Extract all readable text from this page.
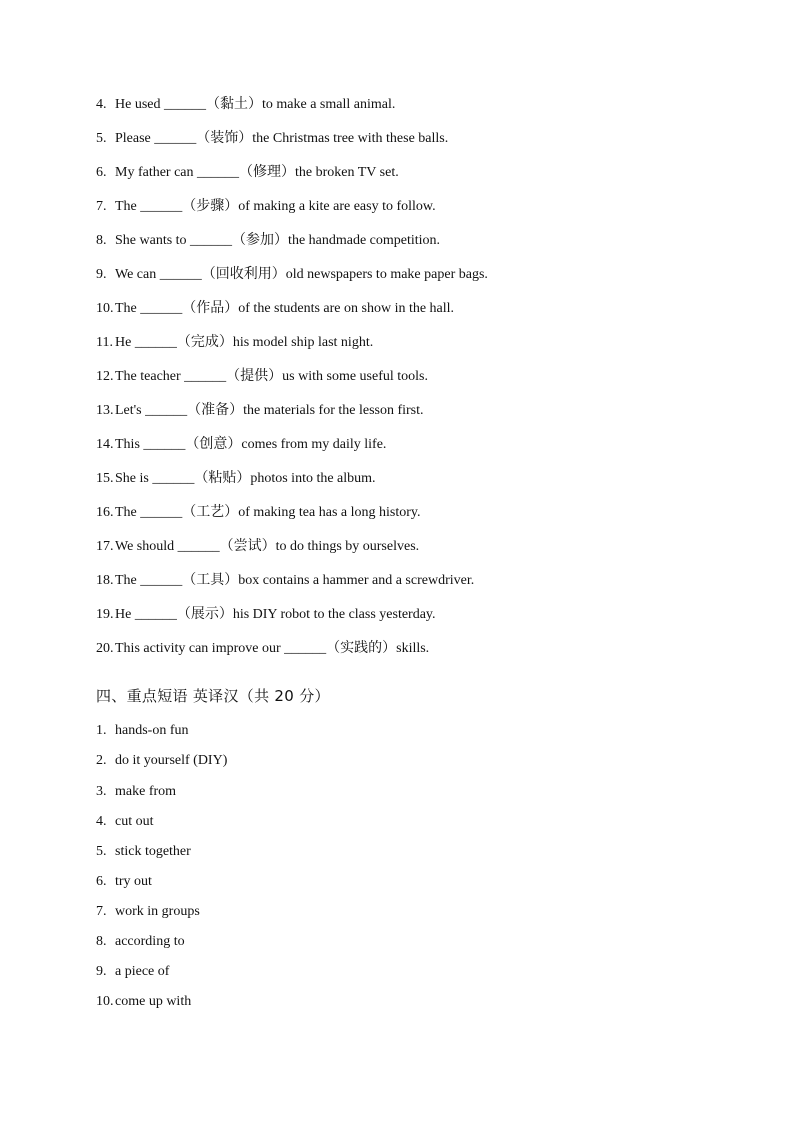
4. He used ______（黏土）to make a small animal.
5. Please ______（装饰）the Christmas tree with these balls.
6. My father can ______（修理）the broken TV set.
7. The ______（步骤）of making a kite are easy to follow.
8. She wants to ______（参加）the handmade competition.
9. We can ______（回收利用）old newspapers to make paper bags.
10. The ______（作品）of the students are on show in the hall.
11. He ______（完成）his model ship last night.
12. The teacher ______（提供）us with some useful tools.
13. Let's ______（准备）the materials for the lesson first.
14. This ______（创意）comes from my daily life.
15. She is ______（粘贴）photos into the album.
16. The ______（工艺）of making tea has a long history.
17. We should ______（尝试）to do things by ourselves.
18. The ______（工具）box contains a hammer and a screwdriver.
19. He ______（展示）his DIY robot to the class yesterday.
20. This activity can improve our ______（实践的）skills.
四、重点短语 英译汉（共 20 分）
1. hands-on fun
2. do it yourself (DIY)
3. make from
4. cut out
5. stick together
6. try out
7. work in groups
8. according to
9. a piece of
10. come up with
